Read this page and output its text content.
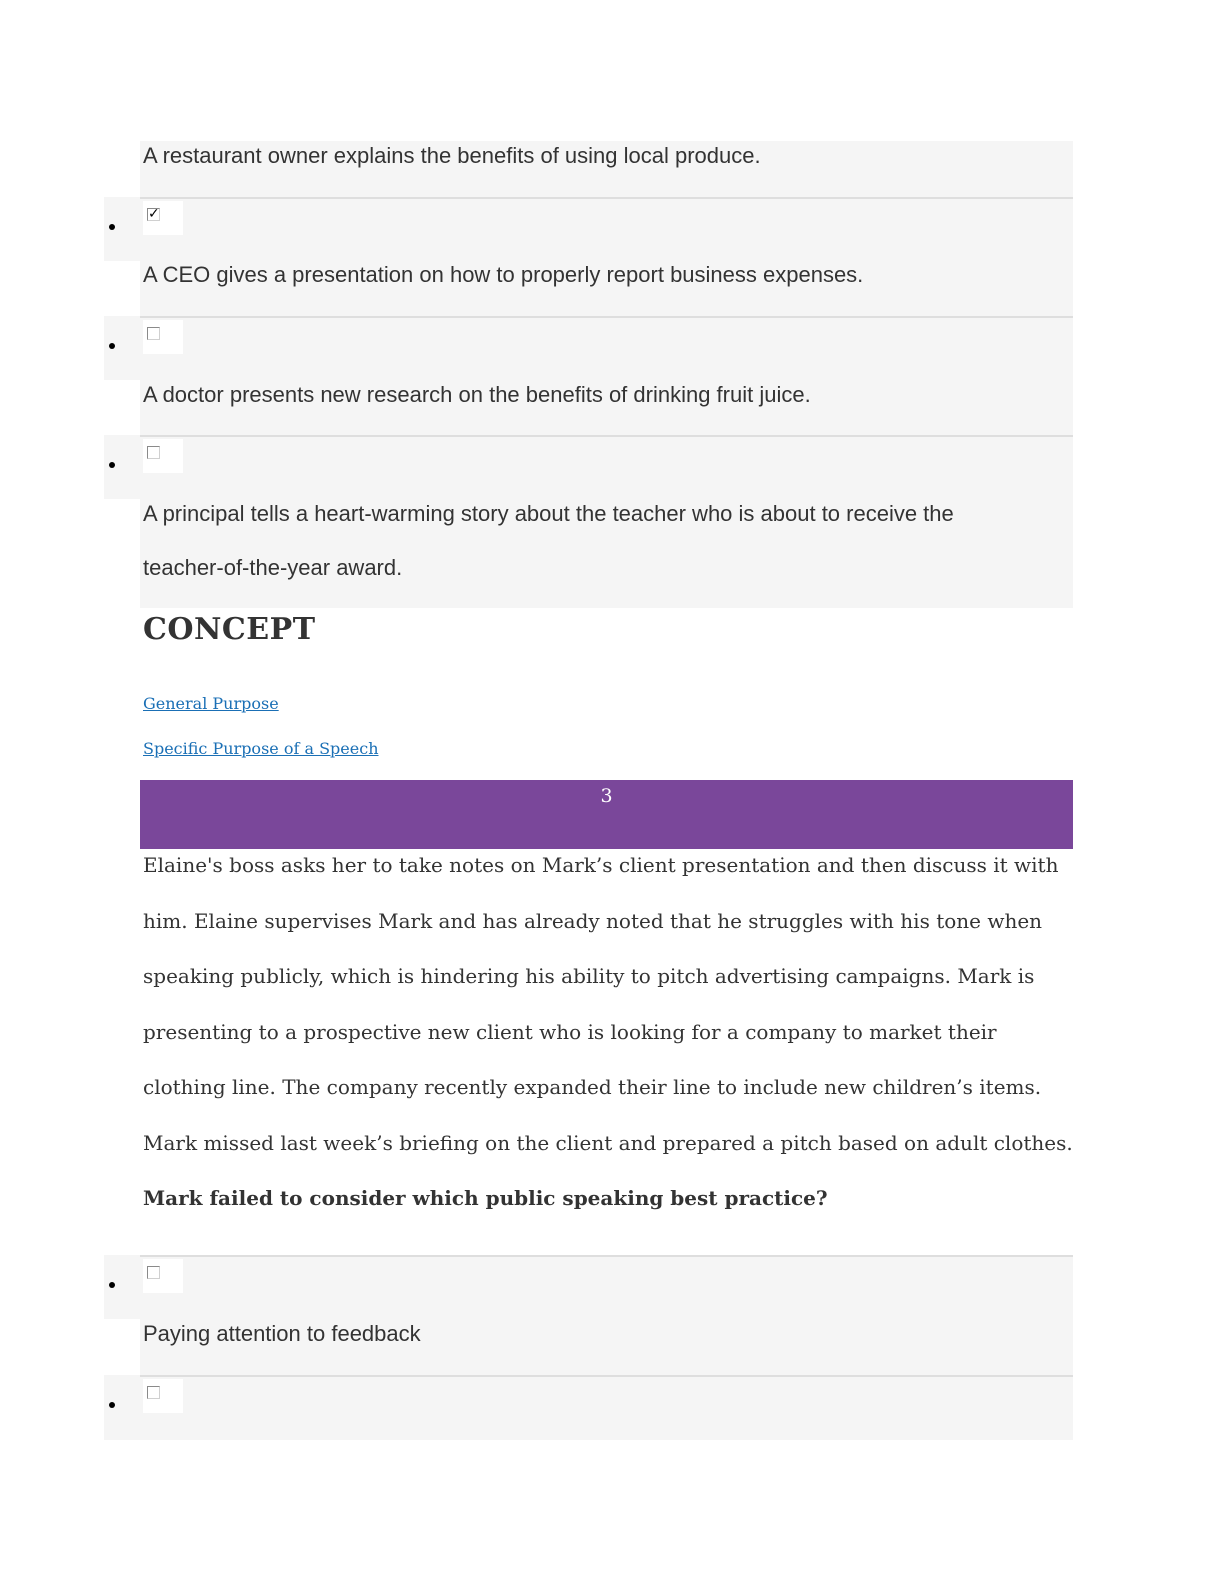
A restaurant owner explains the benefits of using local produce.
✓
A CEO gives a presentation on how to properly report business expenses.
A doctor presents new research on the benefits of drinking fruit juice.
A principal tells a heart-warming story about the teacher who is about to receive the
teacher-of-the-year award.
CONCEPT
General Purpose
Specific Purpose of a Speech
3
Elaine's boss asks her to take notes on Mark’s client presentation and then discuss it with him. Elaine supervises Mark and has already noted that he struggles with his tone when speaking publicly, which is hindering his ability to pitch advertising campaigns. Mark is presenting to a prospective new client who is looking for a company to market their clothing line. The company recently expanded their line to include new children’s items. Mark missed last week’s briefing on the client and prepared a pitch based on adult clothes. Mark failed to consider which public speaking best practice?
Paying attention to feedback
